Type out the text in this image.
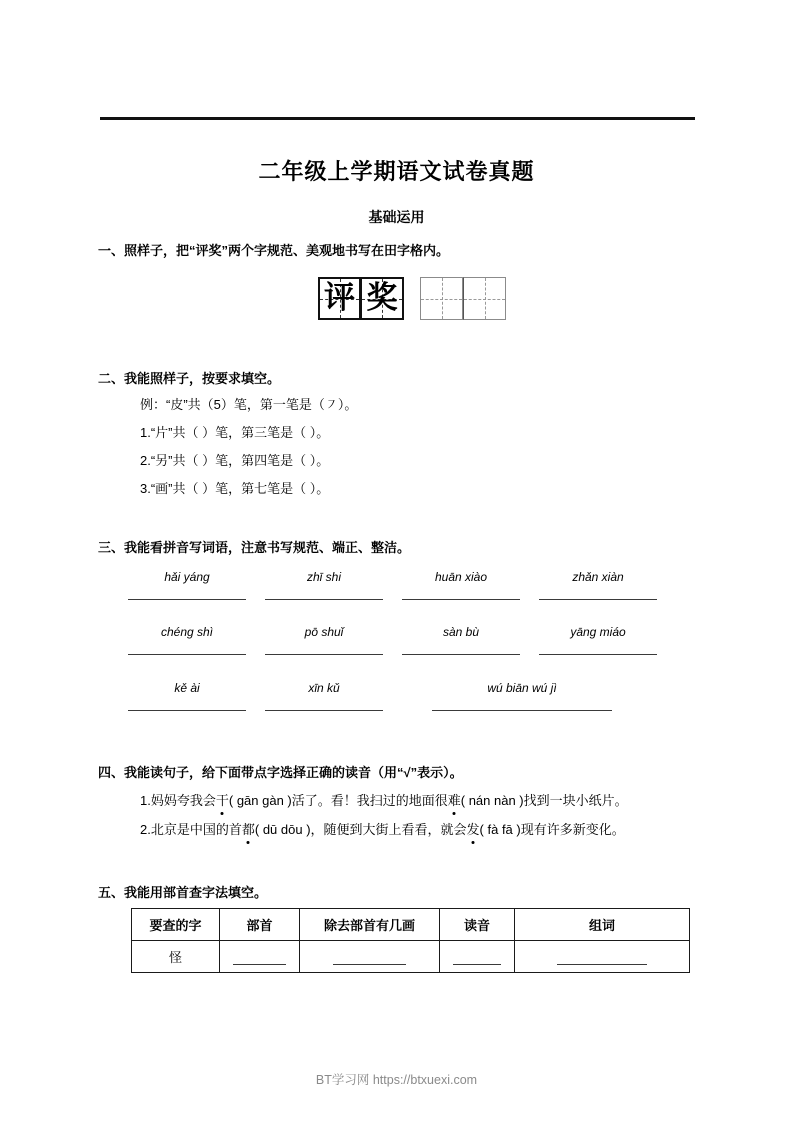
二年级上学期语文试卷真题
基础运用
一、照样子，把“评奖”两个字规范、美观地书写在田字格内。
评 奖
二、我能照样子，按要求填空。
例：“皮”共（5）笔，第一笔是（㇇）。
1.“片”共（ ）笔，第三笔是（ ）。
2.“另”共（ ）笔，第四笔是（ ）。
3.“画”共（ ）笔，第七笔是（ ）。
三、我能看拼音写词语，注意书写规范、端正、整洁。
hǎi yáng	zhī shi	huān xiào	zhǎn xiàn
chéng shì	pō shuǐ	sàn bù	yāng miáo
kě ài	xīn kǔ	wú biān wú jì
四、我能读句子，给下面带点字选择正确的读音（用“√”表示）。
1.妈妈夸我会干( gān gàn )活了。看！我扫过的地面很难( nán nàn )找到一块小纸片。
2.北京是中国的首都( dū dōu )，随便到大街上看看，就会发( fà fā )现有许多新变化。
五、我能用部首查字法填空。
要查的字	部首	除去部首有几画	读音	组词
怪				
BT学习网 https://btxuexi.com
